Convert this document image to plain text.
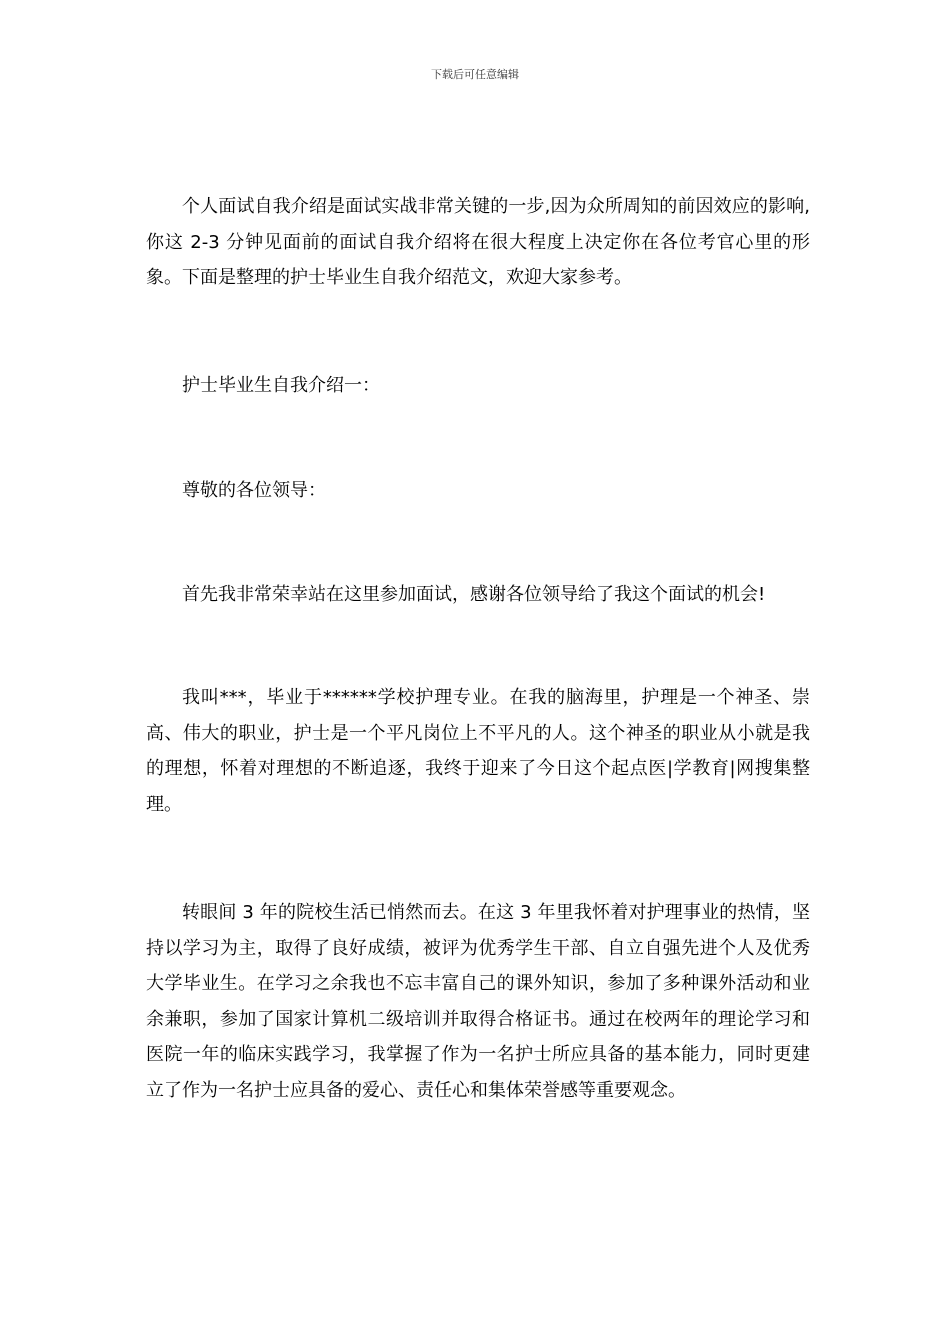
下载后可任意编辑

个人面试自我介绍是面试实战非常关键的一步,因为众所周知的前因效应的影响,你这 2-3 分钟见面前的面试自我介绍将在很大程度上决定你在各位考官心里的形象。下面是整理的护士毕业生自我介绍范文，欢迎大家参考。

护士毕业生自我介绍一：

尊敬的各位领导：

首先我非常荣幸站在这里参加面试，感谢各位领导给了我这个面试的机会!

我叫***，毕业于******学校护理专业。在我的脑海里，护理是一个神圣、崇高、伟大的职业，护士是一个平凡岗位上不平凡的人。这个神圣的职业从小就是我的理想，怀着对理想的不断追逐，我终于迎来了今日这个起点医|学教育|网搜集整理。

转眼间 3 年的院校生活已悄然而去。在这 3 年里我怀着对护理事业的热情，坚持以学习为主，取得了良好成绩，被评为优秀学生干部、自立自强先进个人及优秀大学毕业生。在学习之余我也不忘丰富自己的课外知识，参加了多种课外活动和业余兼职，参加了国家计算机二级培训并取得合格证书。通过在校两年的理论学习和医院一年的临床实践学习，我掌握了作为一名护士所应具备的基本能力，同时更建立了作为一名护士应具备的爱心、责任心和集体荣誉感等重要观念。
